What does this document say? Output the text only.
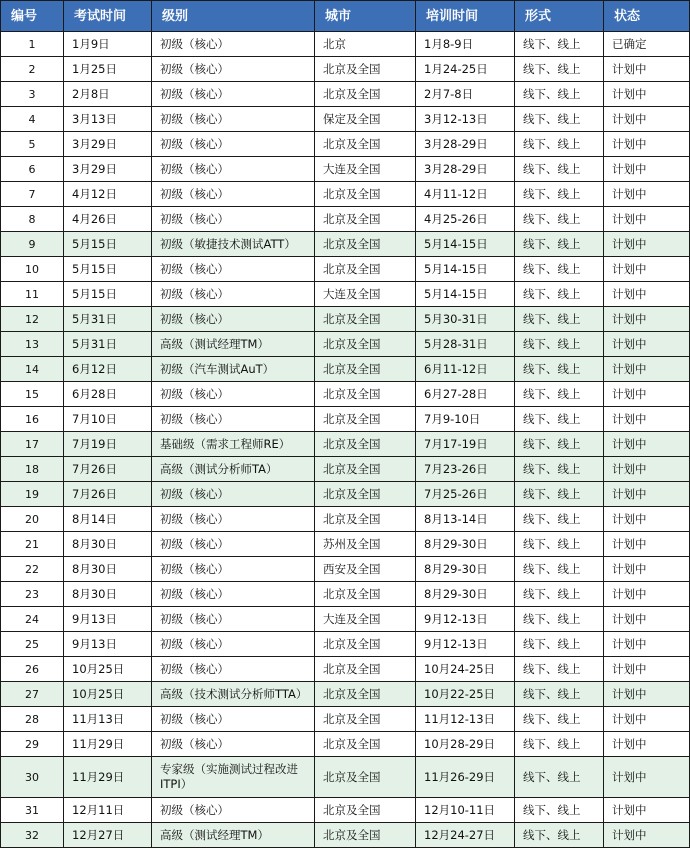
编号	考试时间	级别	城市	培训时间	形式	状态
1	1月9日	初级（核心）	北京	1月8-9日	线下、线上	已确定
2	1月25日	初级（核心）	北京及全国	1月24-25日	线下、线上	计划中
3	2月8日	初级（核心）	北京及全国	2月7-8日	线下、线上	计划中
4	3月13日	初级（核心）	保定及全国	3月12-13日	线下、线上	计划中
5	3月29日	初级（核心）	北京及全国	3月28-29日	线下、线上	计划中
6	3月29日	初级（核心）	大连及全国	3月28-29日	线下、线上	计划中
7	4月12日	初级（核心）	北京及全国	4月11-12日	线下、线上	计划中
8	4月26日	初级（核心）	北京及全国	4月25-26日	线下、线上	计划中
9	5月15日	初级（敏捷技术测试ATT）	北京及全国	5月14-15日	线下、线上	计划中
10	5月15日	初级（核心）	北京及全国	5月14-15日	线下、线上	计划中
11	5月15日	初级（核心）	大连及全国	5月14-15日	线下、线上	计划中
12	5月31日	初级（核心）	北京及全国	5月30-31日	线下、线上	计划中
13	5月31日	高级（测试经理TM）	北京及全国	5月28-31日	线下、线上	计划中
14	6月12日	初级（汽车测试AuT）	北京及全国	6月11-12日	线下、线上	计划中
15	6月28日	初级（核心）	北京及全国	6月27-28日	线下、线上	计划中
16	7月10日	初级（核心）	北京及全国	7月9-10日	线下、线上	计划中
17	7月19日	基础级（需求工程师RE）	北京及全国	7月17-19日	线下、线上	计划中
18	7月26日	高级（测试分析师TA）	北京及全国	7月23-26日	线下、线上	计划中
19	7月26日	初级（核心）	北京及全国	7月25-26日	线下、线上	计划中
20	8月14日	初级（核心）	北京及全国	8月13-14日	线下、线上	计划中
21	8月30日	初级（核心）	苏州及全国	8月29-30日	线下、线上	计划中
22	8月30日	初级（核心）	西安及全国	8月29-30日	线下、线上	计划中
23	8月30日	初级（核心）	北京及全国	8月29-30日	线下、线上	计划中
24	9月13日	初级（核心）	大连及全国	9月12-13日	线下、线上	计划中
25	9月13日	初级（核心）	北京及全国	9月12-13日	线下、线上	计划中
26	10月25日	初级（核心）	北京及全国	10月24-25日	线下、线上	计划中
27	10月25日	高级（技术测试分析师TTA）	北京及全国	10月22-25日	线下、线上	计划中
28	11月13日	初级（核心）	北京及全国	11月12-13日	线下、线上	计划中
29	11月29日	初级（核心）	北京及全国	10月28-29日	线下、线上	计划中
30	11月29日	专家级（实施测试过程改进ITPI）	北京及全国	11月26-29日	线下、线上	计划中
31	12月11日	初级（核心）	北京及全国	12月10-11日	线下、线上	计划中
32	12月27日	高级（测试经理TM）	北京及全国	12月24-27日	线下、线上	计划中
